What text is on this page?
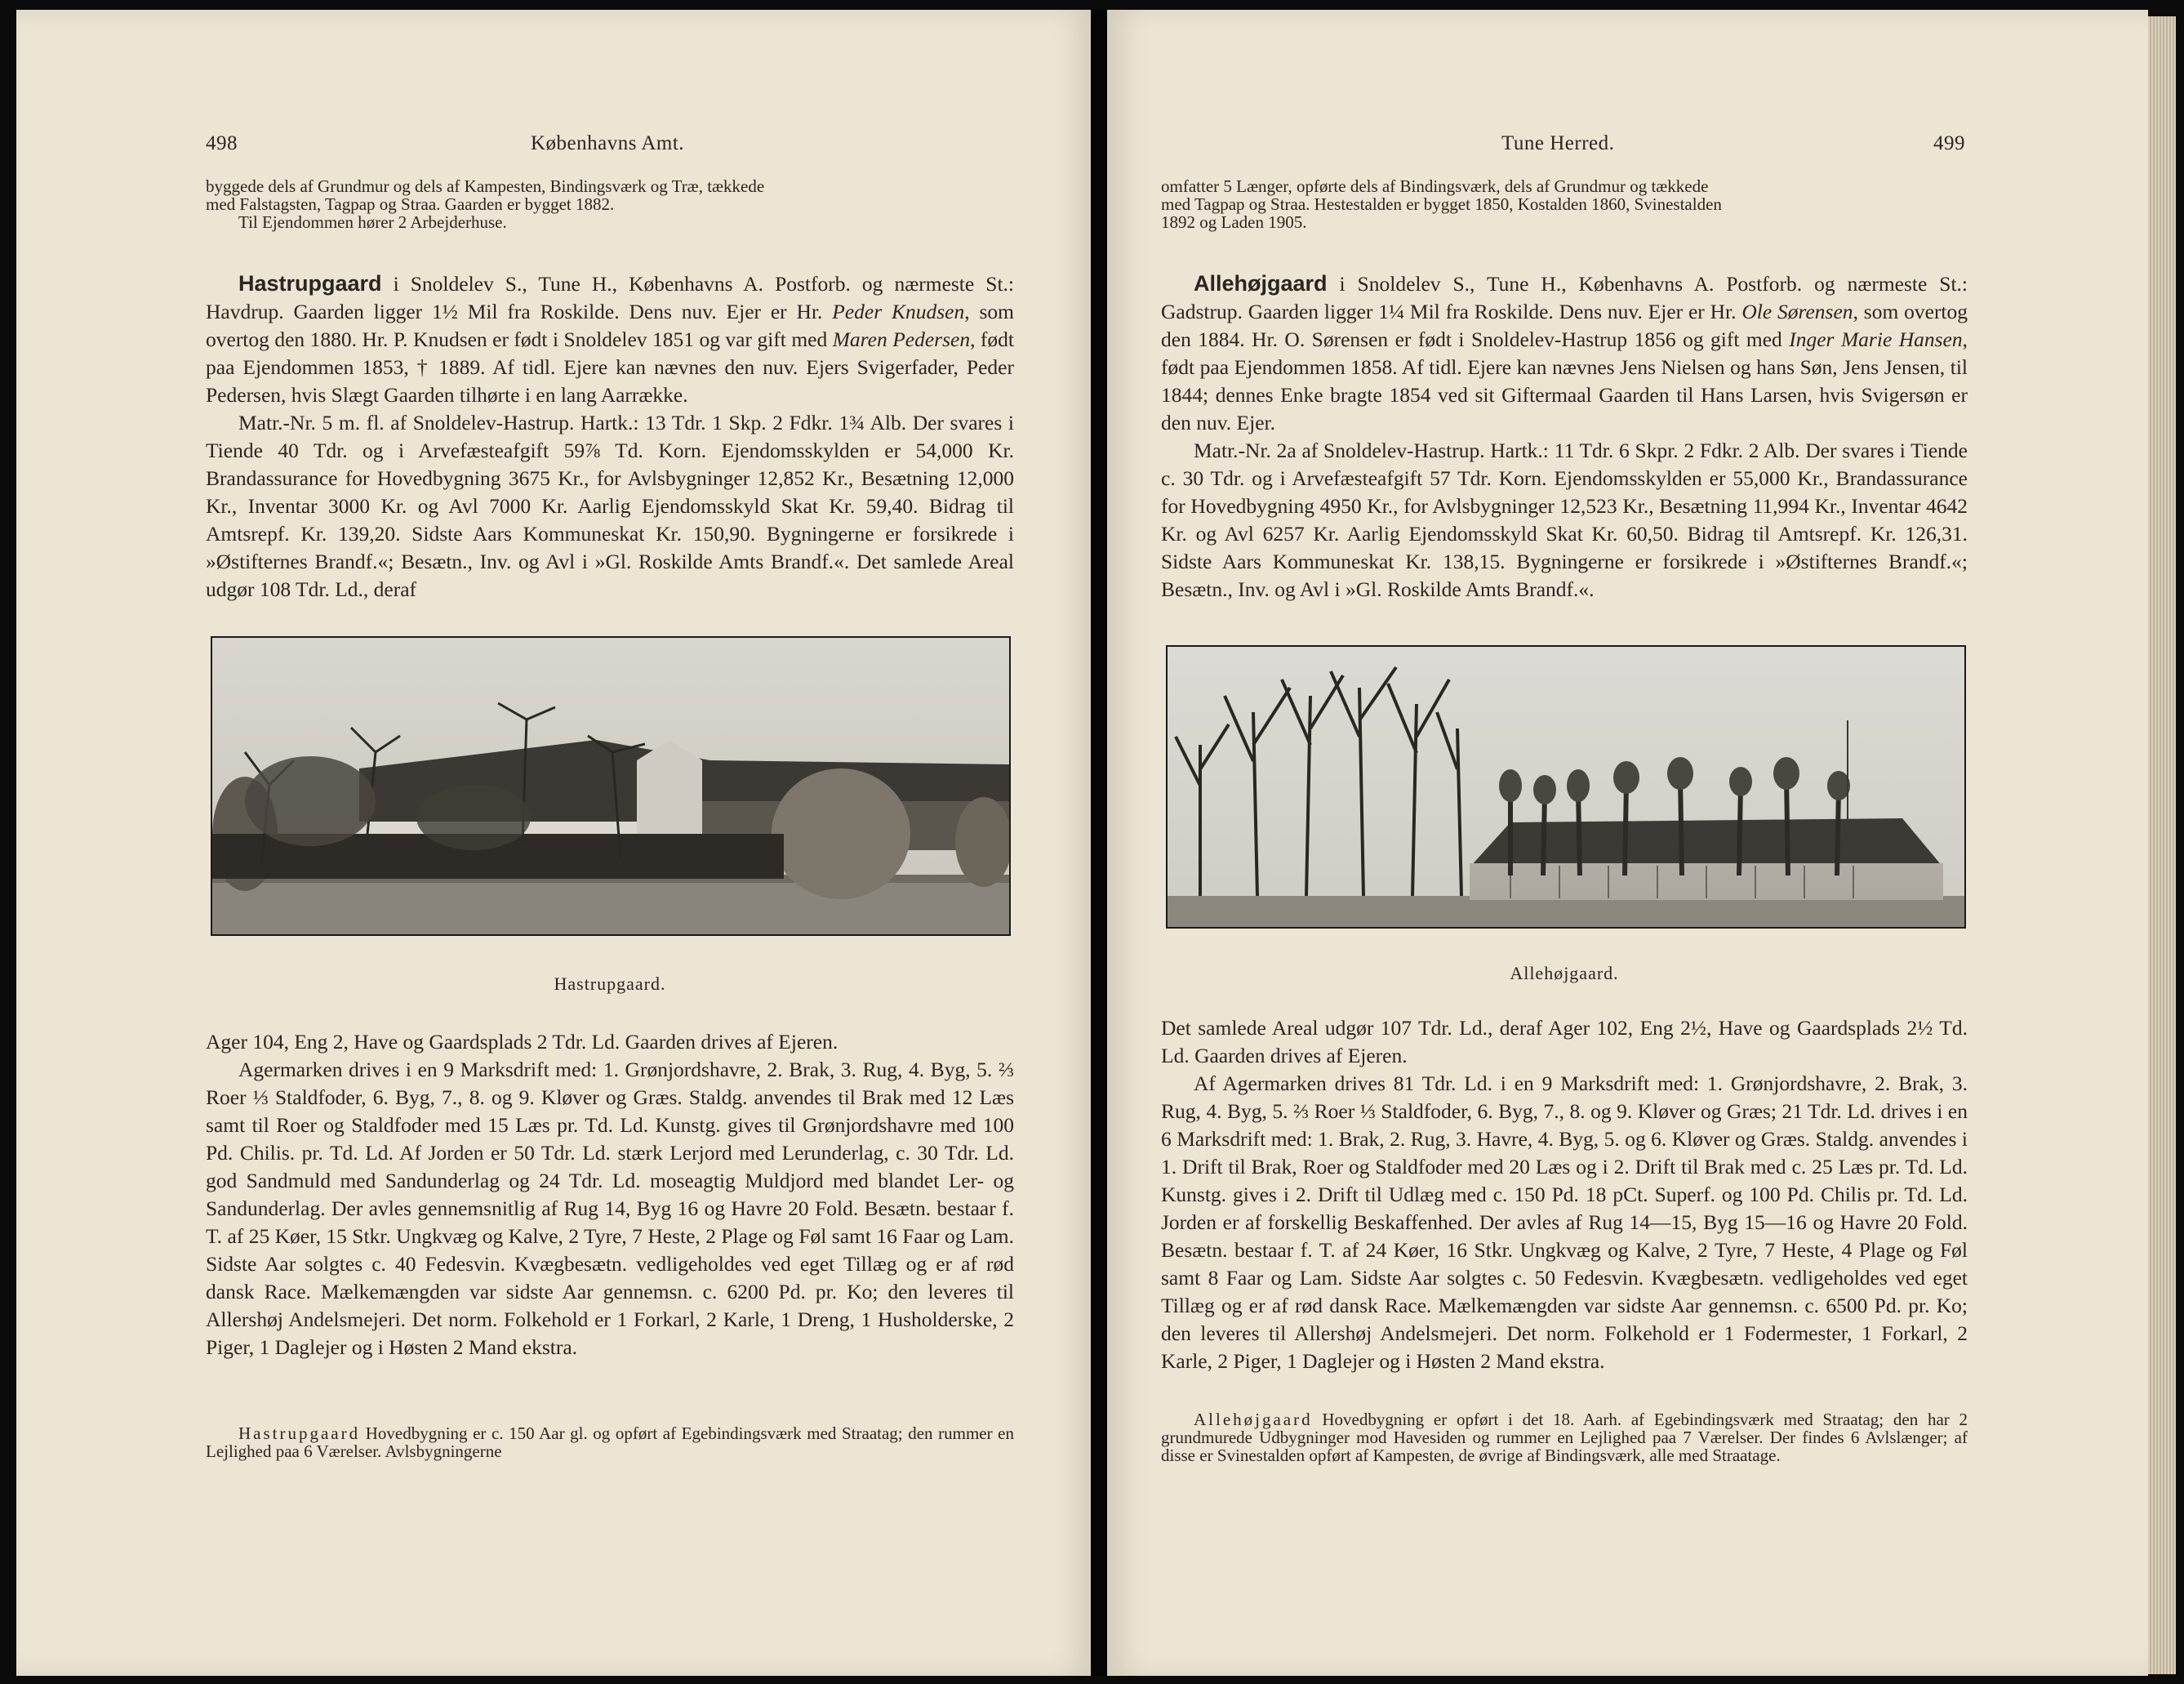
498	Københavns Amt.
byggede dels af Grundmur og dels af Kampesten, Bindingsværk og Træ, tækkede
med Falstagsten, Tagpap og Straa. Gaarden er bygget 1882.
Til Ejendommen hører 2 Arbejderhuse.

Hastrupgaard i Snoldelev S., Tune H., Københavns A. Postforb. og nærmeste St.: Havdrup. Gaarden ligger 1½ Mil fra Roskilde. Dens nuv. Ejer er Hr. Peder Knudsen, som overtog den 1880. Hr. P. Knudsen er født i Snoldelev 1851 og var gift med Maren Pedersen, født paa Ejendommen 1853, † 1889. Af tidl. Ejere kan nævnes den nuv. Ejers Svigerfader, Peder Pedersen, hvis Slægt Gaarden tilhørte i en lang Aarrække.

Matr.-Nr. 5 m. fl. af Snoldelev-Hastrup. Hartk.: 13 Tdr. 1 Skp. 2 Fdkr. 1¾ Alb. Der svares i Tiende 40 Tdr. og i Arvefæsteafgift 59⅞ Td. Korn. Ejendomsskylden er 54,000 Kr. Brandassurance for Hovedbygning 3675 Kr., for Avlsbygninger 12,852 Kr., Besætning 12,000 Kr., Inventar 3000 Kr. og Avl 7000 Kr. Aarlig Ejendomsskyld Skat Kr. 59,40. Bidrag til Amtsrepf. Kr. 139,20. Sidste Aars Kommuneskat Kr. 150,90. Bygningerne er forsikrede i »Østifternes Brandf.«; Besætn., Inv. og Avl i »Gl. Roskilde Amts Brandf.«. Det samlede Areal udgør 108 Tdr. Ld., deraf

Hastrupgaard.

Ager 104, Eng 2, Have og Gaardsplads 2 Tdr. Ld. Gaarden drives af Ejeren.

Agermarken drives i en 9 Marksdrift med: 1. Grønjordshavre, 2. Brak, 3. Rug, 4. Byg, 5. ⅔ Roer ⅓ Staldfoder, 6. Byg, 7., 8. og 9. Kløver og Græs. Staldg. anvendes til Brak med 12 Læs samt til Roer og Staldfoder med 15 Læs pr. Td. Ld. Kunstg. gives til Grønjordshavre med 100 Pd. Chilis. pr. Td. Ld. Af Jorden er 50 Tdr. Ld. stærk Lerjord med Lerunderlag, c. 30 Tdr. Ld. god Sandmuld med Sandunderlag og 24 Tdr. Ld. moseagtig Muldjord med blandet Ler- og Sandunderlag. Der avles gennemsnitlig af Rug 14, Byg 16 og Havre 20 Fold. Besætn. bestaar f. T. af 25 Køer, 15 Stkr. Ungkvæg og Kalve, 2 Tyre, 7 Heste, 2 Plage og Føl samt 16 Faar og Lam. Sidste Aar solgtes c. 40 Fedesvin. Kvægbesætn. vedligeholdes ved eget Tillæg og er af rød dansk Race. Mælkemængden var sidste Aar gennemsn. c. 6200 Pd. pr. Ko; den leveres til Allershøj Andelsmejeri. Det norm. Folkehold er 1 Forkarl, 2 Karle, 1 Dreng, 1 Husholderske, 2 Piger, 1 Daglejer og i Høsten 2 Mand ekstra.

Hastrupgaard Hovedbygning er c. 150 Aar gl. og opført af Egebindingsværk med Straatag; den rummer en Lejlighed paa 6 Værelser. Avlsbygningerne

Tune Herred.	499
omfatter 5 Længer, opførte dels af Bindingsværk, dels af Grundmur og tækkede
med Tagpap og Straa. Hestestalden er bygget 1850, Kostalden 1860, Svinestalden
1892 og Laden 1905.

Allehøjgaard i Snoldelev S., Tune H., Københavns A. Postforb. og nærmeste St.: Gadstrup. Gaarden ligger 1¼ Mil fra Roskilde. Dens nuv. Ejer er Hr. Ole Sørensen, som overtog den 1884. Hr. O. Sørensen er født i Snoldelev-Hastrup 1856 og gift med Inger Marie Hansen, født paa Ejendommen 1858. Af tidl. Ejere kan nævnes Jens Nielsen og hans Søn, Jens Jensen, til 1844; dennes Enke bragte 1854 ved sit Giftermaal Gaarden til Hans Larsen, hvis Svigersøn er den nuv. Ejer.

Matr.-Nr. 2a af Snoldelev-Hastrup. Hartk.: 11 Tdr. 6 Skpr. 2 Fdkr. 2 Alb. Der svares i Tiende c. 30 Tdr. og i Arvefæsteafgift 57 Tdr. Korn. Ejendomsskylden er 55,000 Kr., Brandassurance for Hovedbygning 4950 Kr., for Avlsbygninger 12,523 Kr., Besætning 11,994 Kr., Inventar 4642 Kr. og Avl 6257 Kr. Aarlig Ejendomsskyld Skat Kr. 60,50. Bidrag til Amtsrepf. Kr. 126,31. Sidste Aars Kommuneskat Kr. 138,15. Bygningerne er forsikrede i »Østifternes Brandf.«; Besætn., Inv. og Avl i »Gl. Roskilde Amts Brandf.«.

Allehøjgaard.

Det samlede Areal udgør 107 Tdr. Ld., deraf Ager 102, Eng 2½, Have og Gaardsplads 2½ Td. Ld. Gaarden drives af Ejeren.

Af Agermarken drives 81 Tdr. Ld. i en 9 Marksdrift med: 1. Grønjordshavre, 2. Brak, 3. Rug, 4. Byg, 5. ⅔ Roer ⅓ Staldfoder, 6. Byg, 7., 8. og 9. Kløver og Græs; 21 Tdr. Ld. drives i en 6 Marksdrift med: 1. Brak, 2. Rug, 3. Havre, 4. Byg, 5. og 6. Kløver og Græs. Staldg. anvendes i 1. Drift til Brak, Roer og Staldfoder med 20 Læs og i 2. Drift til Brak med c. 25 Læs pr. Td. Ld. Kunstg. gives i 2. Drift til Udlæg med c. 150 Pd. 18 pCt. Superf. og 100 Pd. Chilis pr. Td. Ld. Jorden er af forskellig Beskaffenhed. Der avles af Rug 14—15, Byg 15—16 og Havre 20 Fold. Besætn. bestaar f. T. af 24 Køer, 16 Stkr. Ungkvæg og Kalve, 2 Tyre, 7 Heste, 4 Plage og Føl samt 8 Faar og Lam. Sidste Aar solgtes c. 50 Fedesvin. Kvægbesætn. vedligeholdes ved eget Tillæg og er af rød dansk Race. Mælkemængden var sidste Aar gennemsn. c. 6500 Pd. pr. Ko; den leveres til Allershøj Andelsmejeri. Det norm. Folkehold er 1 Fodermester, 1 Forkarl, 2 Karle, 2 Piger, 1 Daglejer og i Høsten 2 Mand ekstra.

Allehøjgaard Hovedbygning er opført i det 18. Aarh. af Egebindingsværk med Straatag; den har 2 grundmurede Udbygninger mod Havesiden og rummer en Lejlighed paa 7 Værelser. Der findes 6 Avlslænger; af disse er Svinestalden opført af Kampesten, de øvrige af Bindingsværk, alle med Straatage.
